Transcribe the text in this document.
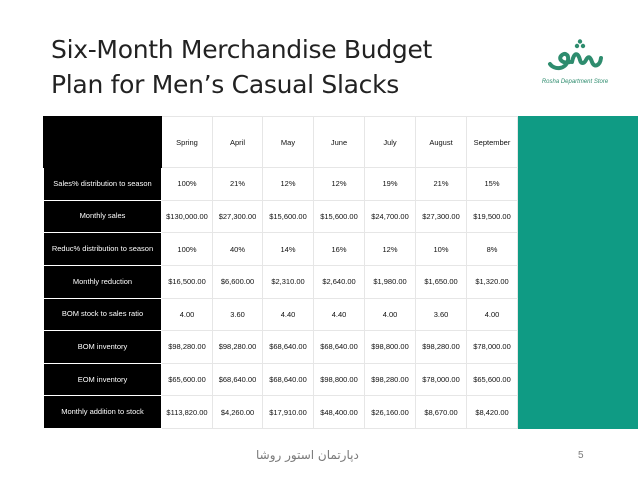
Six-Month Merchandise Budget
Plan for Men’s Casual Slacks	Rosha Department Store
	Spring	April	May	June	July	August	September
Sales% distribution to season	100%	21%	12%	12%	19%	21%	15%
Monthly sales	$130,000.00	$27,300.00	$15,600.00	$15,600.00	$24,700.00	$27,300.00	$19,500.00
Reduc% distribution to season	100%	40%	14%	16%	12%	10%	8%
Monthly reduction	$16,500.00	$6,600.00	$2,310.00	$2,640.00	$1,980.00	$1,650.00	$1,320.00
BOM stock to sales ratio	4.00	3.60	4.40	4.40	4.00	3.60	4.00
BOM inventory	$98,280.00	$98,280.00	$68,640.00	$68,640.00	$98,800.00	$98,280.00	$78,000.00
EOM inventory	$65,600.00	$68,640.00	$68,640.00	$98,800.00	$98,280.00	$78,000.00	$65,600.00
Monthly addition to stock	$113,820.00	$4,260.00	$17,910.00	$48,400.00	$26,160.00	$8,670.00	$8,420.00
دپارتمان استور روشا	5
